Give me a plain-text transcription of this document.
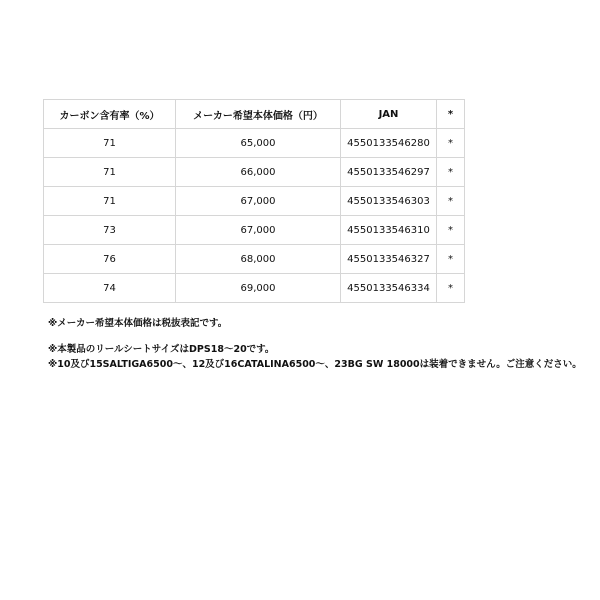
カーボン含有率（%）	メーカー希望本体価格（円）	JAN	*
71	65,000	4550133546280	*
71	66,000	4550133546297	*
71	67,000	4550133546303	*
73	67,000	4550133546310	*
76	68,000	4550133546327	*
74	69,000	4550133546334	*
※メーカー希望本体価格は税抜表記です。
※本製品のリールシートサイズはDPS18～20です。
※10及び15SALTIGA6500～、12及び16CATALINA6500～、23BG SW 18000は装着できません。ご注意ください。
